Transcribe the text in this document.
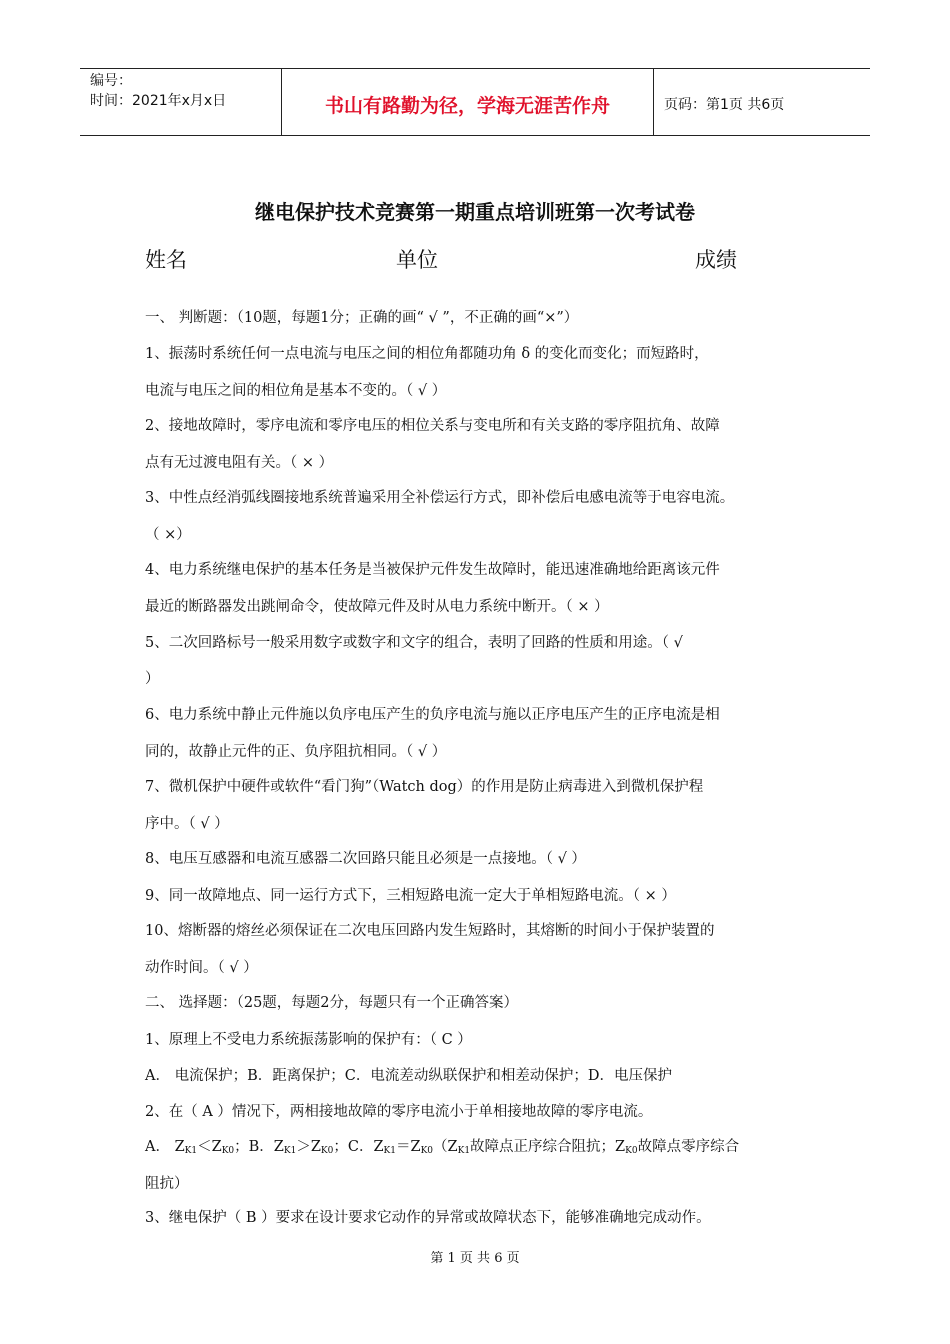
编号：
时间：2021年x月x日	书山有路勤为径，学海无涯苦作舟	页码：第1页 共6页
继电保护技术竞赛第一期重点培训班第一次考试卷
姓名	单位	成绩
一、 判断题：（10题，每题1分；正确的画“ √ ”，不正确的画“×”）
1、振荡时系统任何一点电流与电压之间的相位角都随功角 δ 的变化而变化；而短路时，
电流与电压之间的相位角是基本不变的。（ √ ）
2、接地故障时，零序电流和零序电压的相位关系与变电所和有关支路的零序阻抗角、故障
点有无过渡电阻有关。（ × ）
3、中性点经消弧线圈接地系统普遍采用全补偿运行方式，即补偿后电感电流等于电容电流。
（ ×）
4、电力系统继电保护的基本任务是当被保护元件发生故障时，能迅速准确地给距离该元件
最近的断路器发出跳闸命令，使故障元件及时从电力系统中断开。（ × ）
5、二次回路标号一般采用数字或数字和文字的组合，表明了回路的性质和用途。（ √
）
6、电力系统中静止元件施以负序电压产生的负序电流与施以正序电压产生的正序电流是相
同的，故静止元件的正、负序阻抗相同。（ √ ）
7、微机保护中硬件或软件“看门狗”（Watch dog）的作用是防止病毒进入到微机保护程
序中。（ √ ）
8、电压互感器和电流互感器二次回路只能且必须是一点接地。（ √ ）
9、同一故障地点、同一运行方式下，三相短路电流一定大于单相短路电流。（ × ）
10、熔断器的熔丝必须保证在二次电压回路内发生短路时，其熔断的时间小于保护装置的
动作时间。（ √ ）
二、 选择题：（25题，每题2分，每题只有一个正确答案）
1、原理上不受电力系统振荡影响的保护有：（ C ）
A． 电流保护；B．距离保护；C．电流差动纵联保护和相差动保护；D．电压保护
2、在（ A ）情况下，两相接地故障的零序电流小于单相接地故障的零序电流。
A． $Z_{K1}<Z_{K0}$；B．$Z_{K1}>Z_{K0}$；C．$Z_{K1}=Z_{K0}(Z_{K1}$故障点正序综合阻抗；$Z_{K0}$故障点零序综合
阻抗）
3、继电保护（ B ）要求在设计要求它动作的异常或故障状态下，能够准确地完成动作。
第 1 页 共 6 页
